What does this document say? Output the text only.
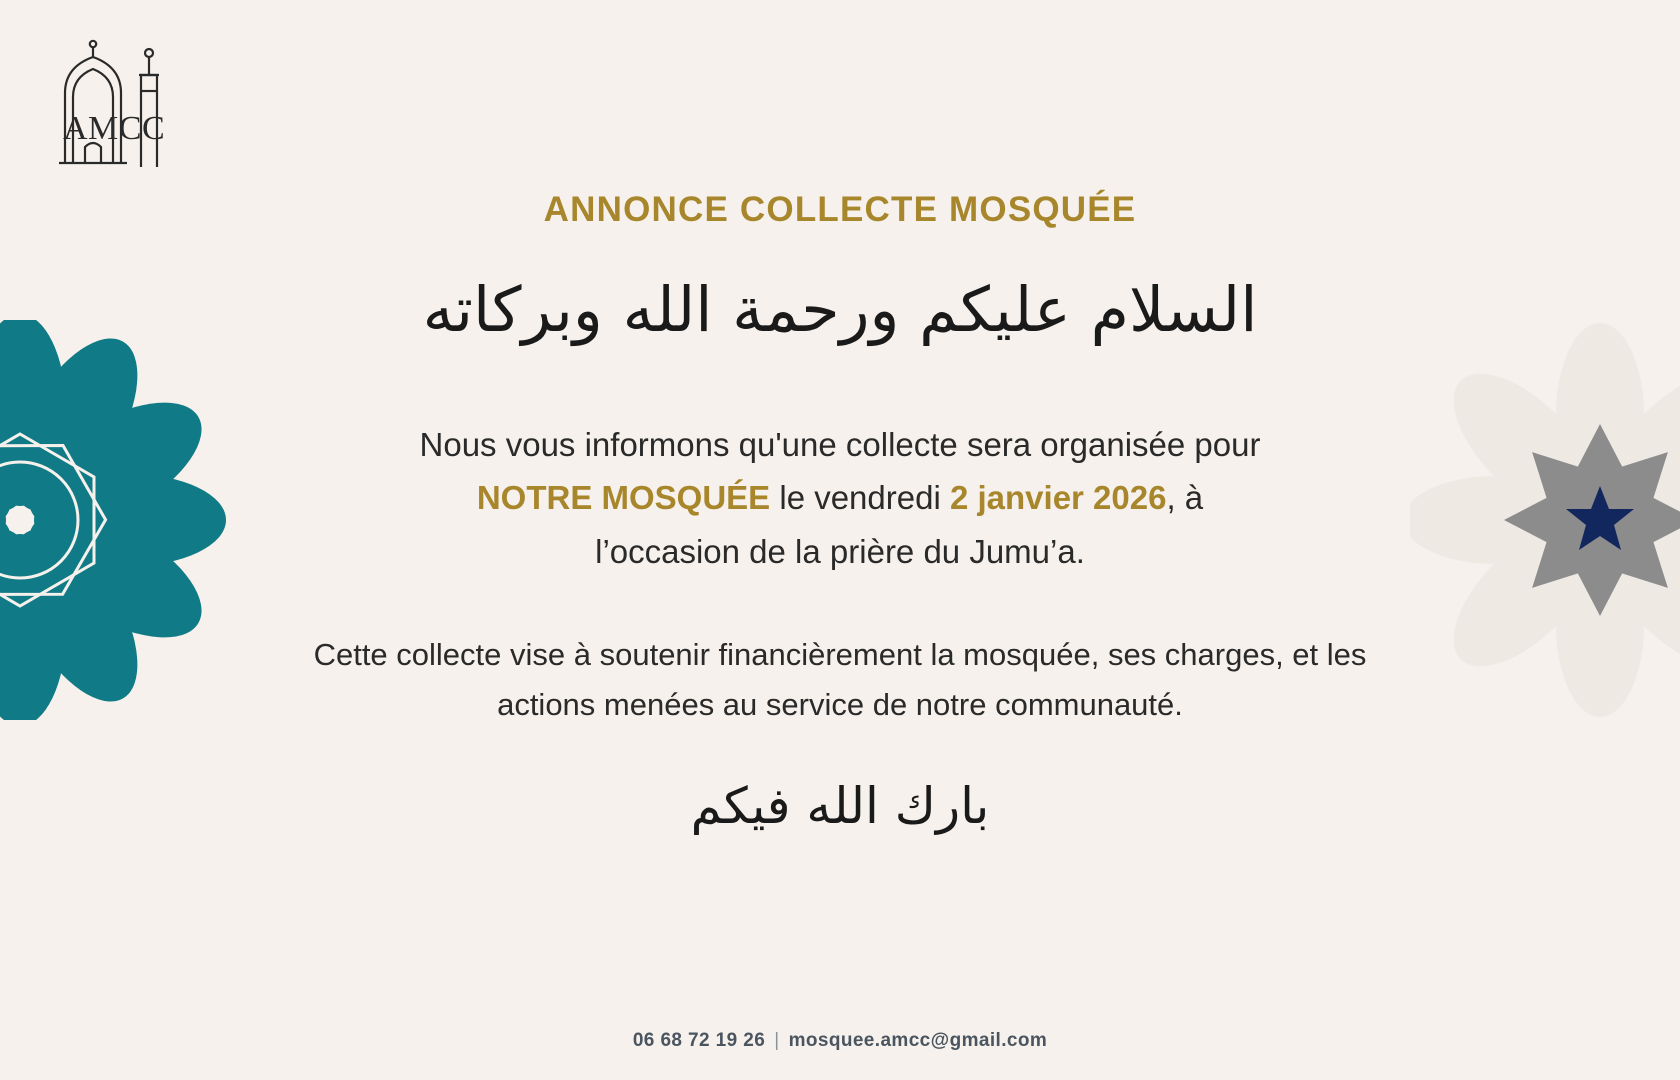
AMCC
ANNONCE COLLECTE MOSQUÉE
السلام عليكم ورحمة الله وبركاته
Nous vous informons qu'une collecte sera organisée pour
NOTRE MOSQUÉE le vendredi 2 janvier 2026, à
l’occasion de la prière du Jumu’a.
Cette collecte vise à soutenir financièrement la mosquée, ses charges, et les actions menées au service de notre communauté.
بارك الله فيكم
06 68 72 19 26 | mosquee.amcc@gmail.com
